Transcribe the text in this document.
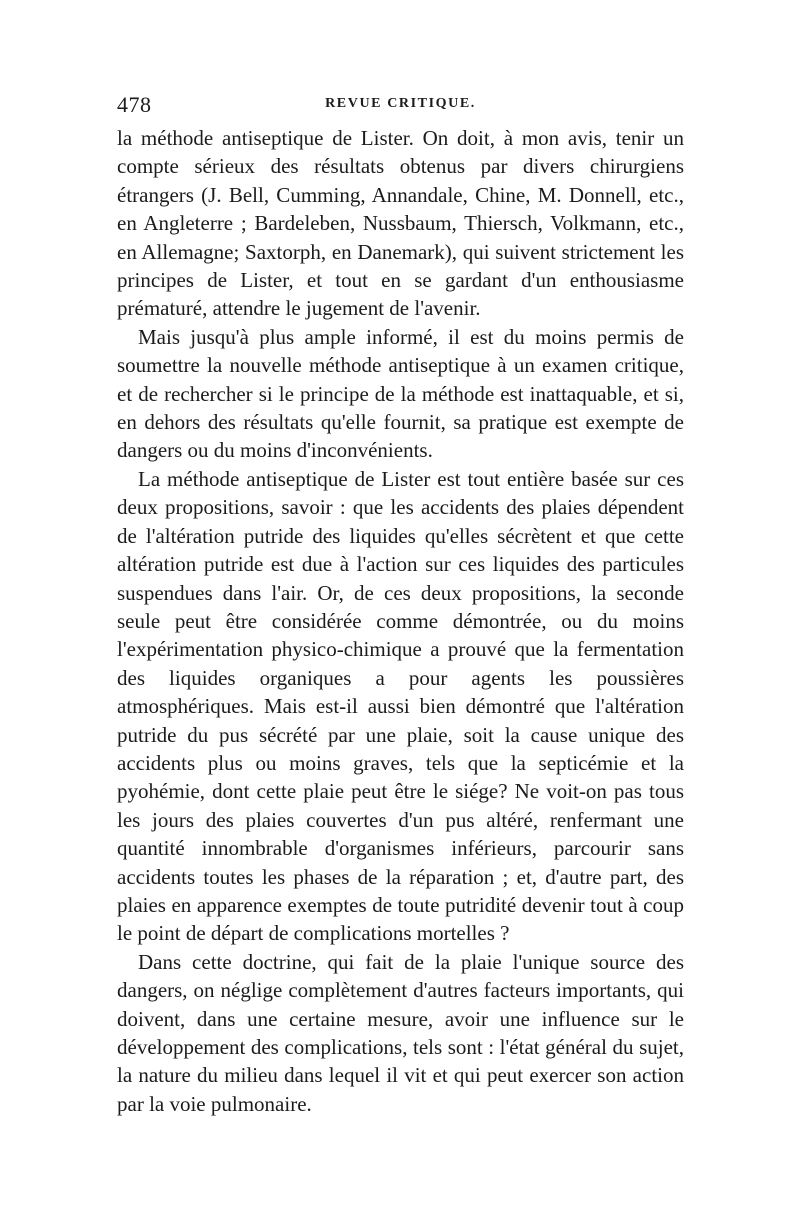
478	REVUE CRITIQUE.

la méthode antiseptique de Lister. On doit, à mon avis, tenir un compte sérieux des résultats obtenus par divers chirurgiens étrangers (J. Bell, Cumming, Annandale, Chine, M. Donnell, etc., en Angleterre ; Bardeleben, Nussbaum, Thiersch, Volkmann, etc., en Allemagne; Saxtorph, en Danemark), qui suivent strictement les principes de Lister, et tout en se gardant d'un enthousiasme prématuré, attendre le jugement de l'avenir.

Mais jusqu'à plus ample informé, il est du moins permis de soumettre la nouvelle méthode antiseptique à un examen critique, et de rechercher si le principe de la méthode est inattaquable, et si, en dehors des résultats qu'elle fournit, sa pratique est exempte de dangers ou du moins d'inconvénients.

La méthode antiseptique de Lister est tout entière basée sur ces deux propositions, savoir : que les accidents des plaies dépendent de l'altération putride des liquides qu'elles sécrètent et que cette altération putride est due à l'action sur ces liquides des particules suspendues dans l'air. Or, de ces deux propositions, la seconde seule peut être considérée comme démontrée, ou du moins l'expérimentation physico-chimique a prouvé que la fermentation des liquides organiques a pour agents les poussières atmosphériques. Mais est-il aussi bien démontré que l'altération putride du pus sécrété par une plaie, soit la cause unique des accidents plus ou moins graves, tels que la septicémie et la pyohémie, dont cette plaie peut être le siége? Ne voit-on pas tous les jours des plaies couvertes d'un pus altéré, renfermant une quantité innombrable d'organismes inférieurs, parcourir sans accidents toutes les phases de la réparation ; et, d'autre part, des plaies en apparence exemptes de toute putridité devenir tout à coup le point de départ de complications mortelles ?

Dans cette doctrine, qui fait de la plaie l'unique source des dangers, on néglige complètement d'autres facteurs importants, qui doivent, dans une certaine mesure, avoir une influence sur le développement des complications, tels sont : l'état général du sujet, la nature du milieu dans lequel il vit et qui peut exercer son action par la voie pulmonaire.
